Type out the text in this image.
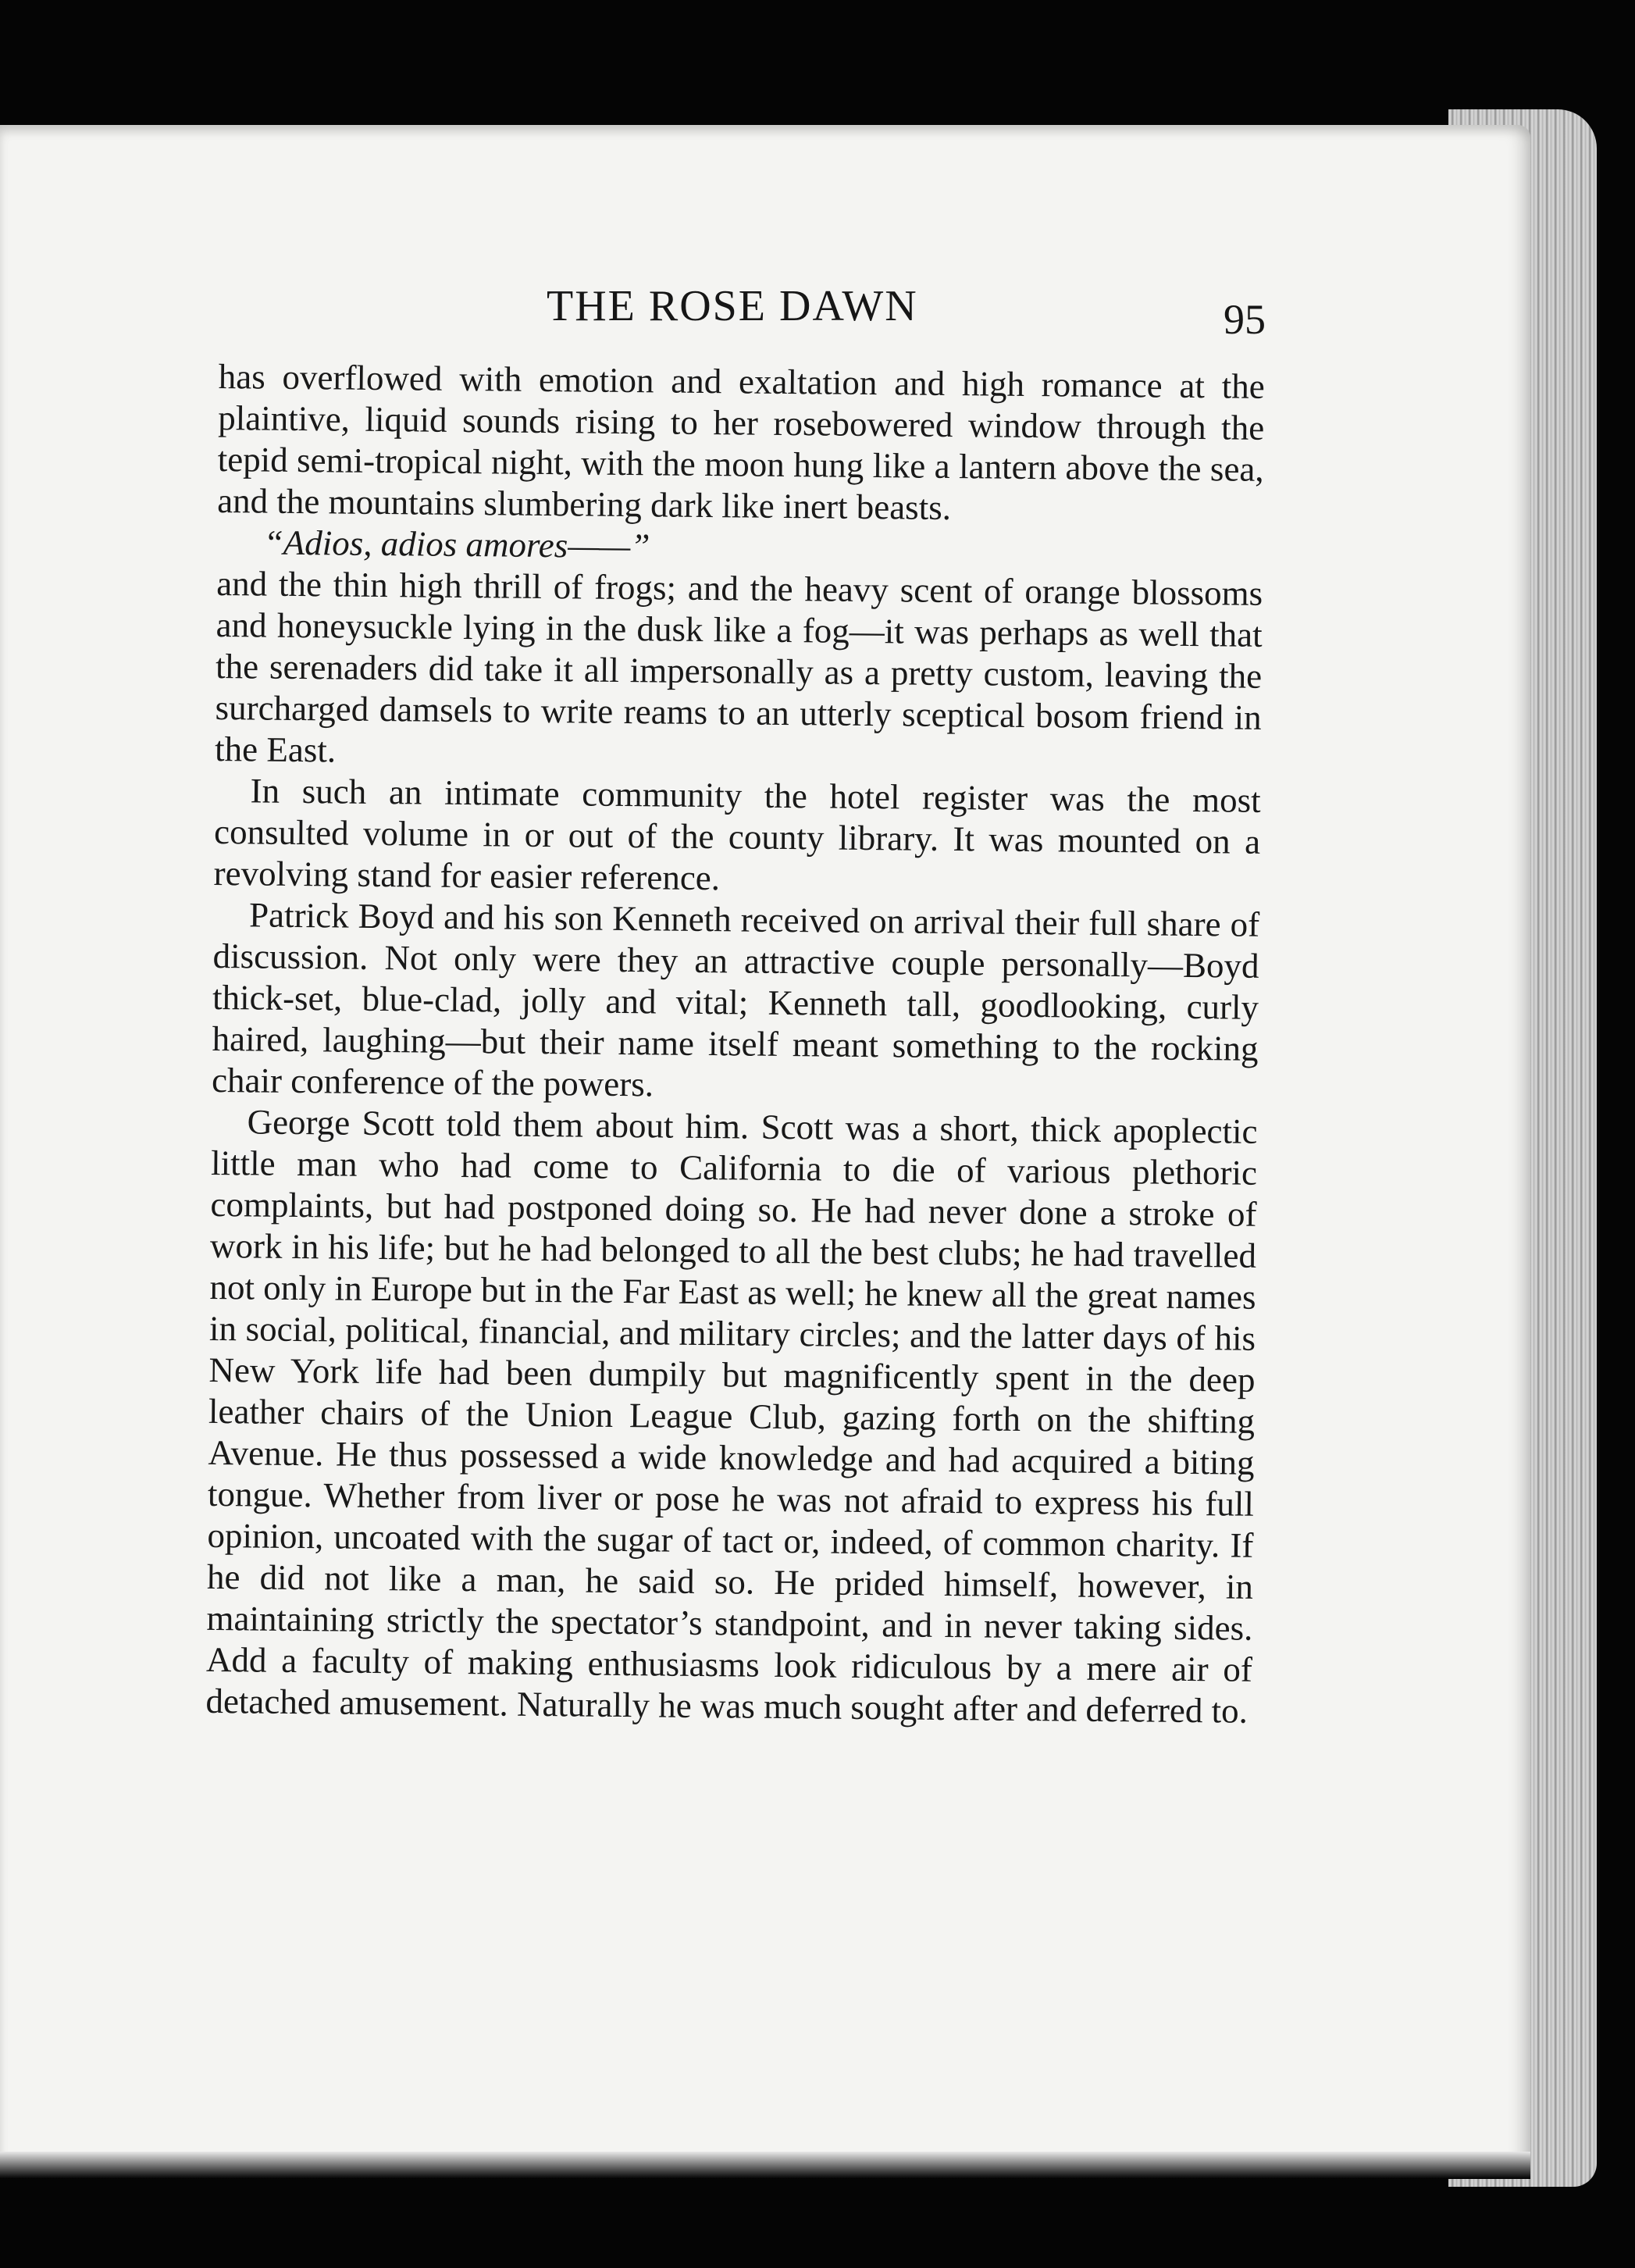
THE ROSE DAWN	95

has overflowed with emotion and exaltation and high romance at the plaintive, liquid sounds rising to her rosebowered window through the tepid semi-tropical night, with the moon hung like a lantern above the sea, and the mountains slumbering dark like inert beasts.

“Adios, adios amores——”

and the thin high thrill of frogs; and the heavy scent of orange blossoms and honeysuckle lying in the dusk like a fog—it was perhaps as well that the serenaders did take it all impersonally as a pretty custom, leaving the surcharged damsels to write reams to an utterly sceptical bosom friend in the East.

In such an intimate community the hotel register was the most consulted volume in or out of the county library. It was mounted on a revolving stand for easier reference.

Patrick Boyd and his son Kenneth received on arrival their full share of discussion. Not only were they an attractive couple personally—Boyd thick-set, blue-clad, jolly and vital; Kenneth tall, goodlooking, curly haired, laughing—but their name itself meant something to the rocking chair conference of the powers.

George Scott told them about him. Scott was a short, thick apoplectic little man who had come to California to die of various plethoric complaints, but had postponed doing so. He had never done a stroke of work in his life; but he had belonged to all the best clubs; he had travelled not only in Europe but in the Far East as well; he knew all the great names in social, political, financial, and military circles; and the latter days of his New York life had been dumpily but magnificently spent in the deep leather chairs of the Union League Club, gazing forth on the shifting Avenue. He thus possessed a wide knowledge and had acquired a biting tongue. Whether from liver or pose he was not afraid to express his full opinion, uncoated with the sugar of tact or, indeed, of common charity. If he did not like a man, he said so. He prided himself, however, in maintaining strictly the spectator’s standpoint, and in never taking sides. Add a faculty of making enthusiasms look ridiculous by a mere air of detached amusement. Naturally he was much sought after and deferred to.
